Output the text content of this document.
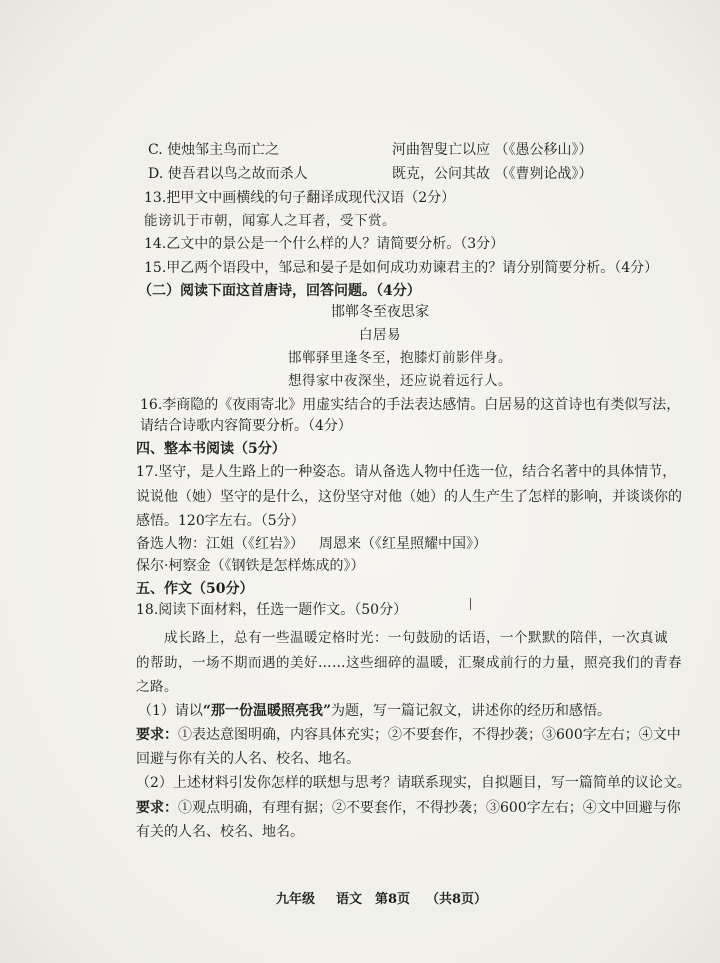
C. 使烛邹主鸟而亡之	河曲智叟亡以应 （《愚公移山》）
D. 使吾君以鸟之故而杀人	既克，公问其故 （《曹刿论战》）
13.把甲文中画横线的句子翻译成现代汉语（2分）
能谤讥于市朝，闻寡人之耳者，受下赏。
14.乙文中的景公是一个什么样的人？请简要分析。（3分）
15.甲乙两个语段中，邹忌和晏子是如何成功劝谏君主的？请分别简要分析。（4分）
（二）阅读下面这首唐诗，回答问题。（4分）
邯郸冬至夜思家
白居易
邯郸驿里逢冬至，抱膝灯前影伴身。
想得家中夜深坐，还应说着远行人。
16.李商隐的《夜雨寄北》用虚实结合的手法表达感情。白居易的这首诗也有类似写法，
请结合诗歌内容简要分析。（4分）
四、整本书阅读（5分）
17.坚守，是人生路上的一种姿态。请从备选人物中任选一位，结合名著中的具体情节，
说说他（她）坚守的是什么，这份坚守对他（她）的人生产生了怎样的影响，并谈谈你的
感悟。120字左右。（5分）
备选人物：江姐（《红岩》） 周恩来（《红星照耀中国》）
保尔·柯察金（《钢铁是怎样炼成的》）
五、作文（50分）
18.阅读下面材料，任选一题作文。（50分）
成长路上，总有一些温暖定格时光：一句鼓励的话语，一个默默的陪伴，一次真诚
的帮助，一场不期而遇的美好……这些细碎的温暖，汇聚成前行的力量，照亮我们的青春
之路。
（1）请以“那一份温暖照亮我”为题，写一篇记叙文，讲述你的经历和感悟。
要求：①表达意图明确，内容具体充实；②不要套作，不得抄袭；③600字左右；④文中
回避与你有关的人名、校名、地名。
（2）上述材料引发你怎样的联想与思考？请联系现实，自拟题目，写一篇简单的议论文。
要求：①观点明确，有理有据；②不要套作，不得抄袭；③600字左右；④文中回避与你
有关的人名、校名、地名。
九年级 语文 第8页 （共8页）
